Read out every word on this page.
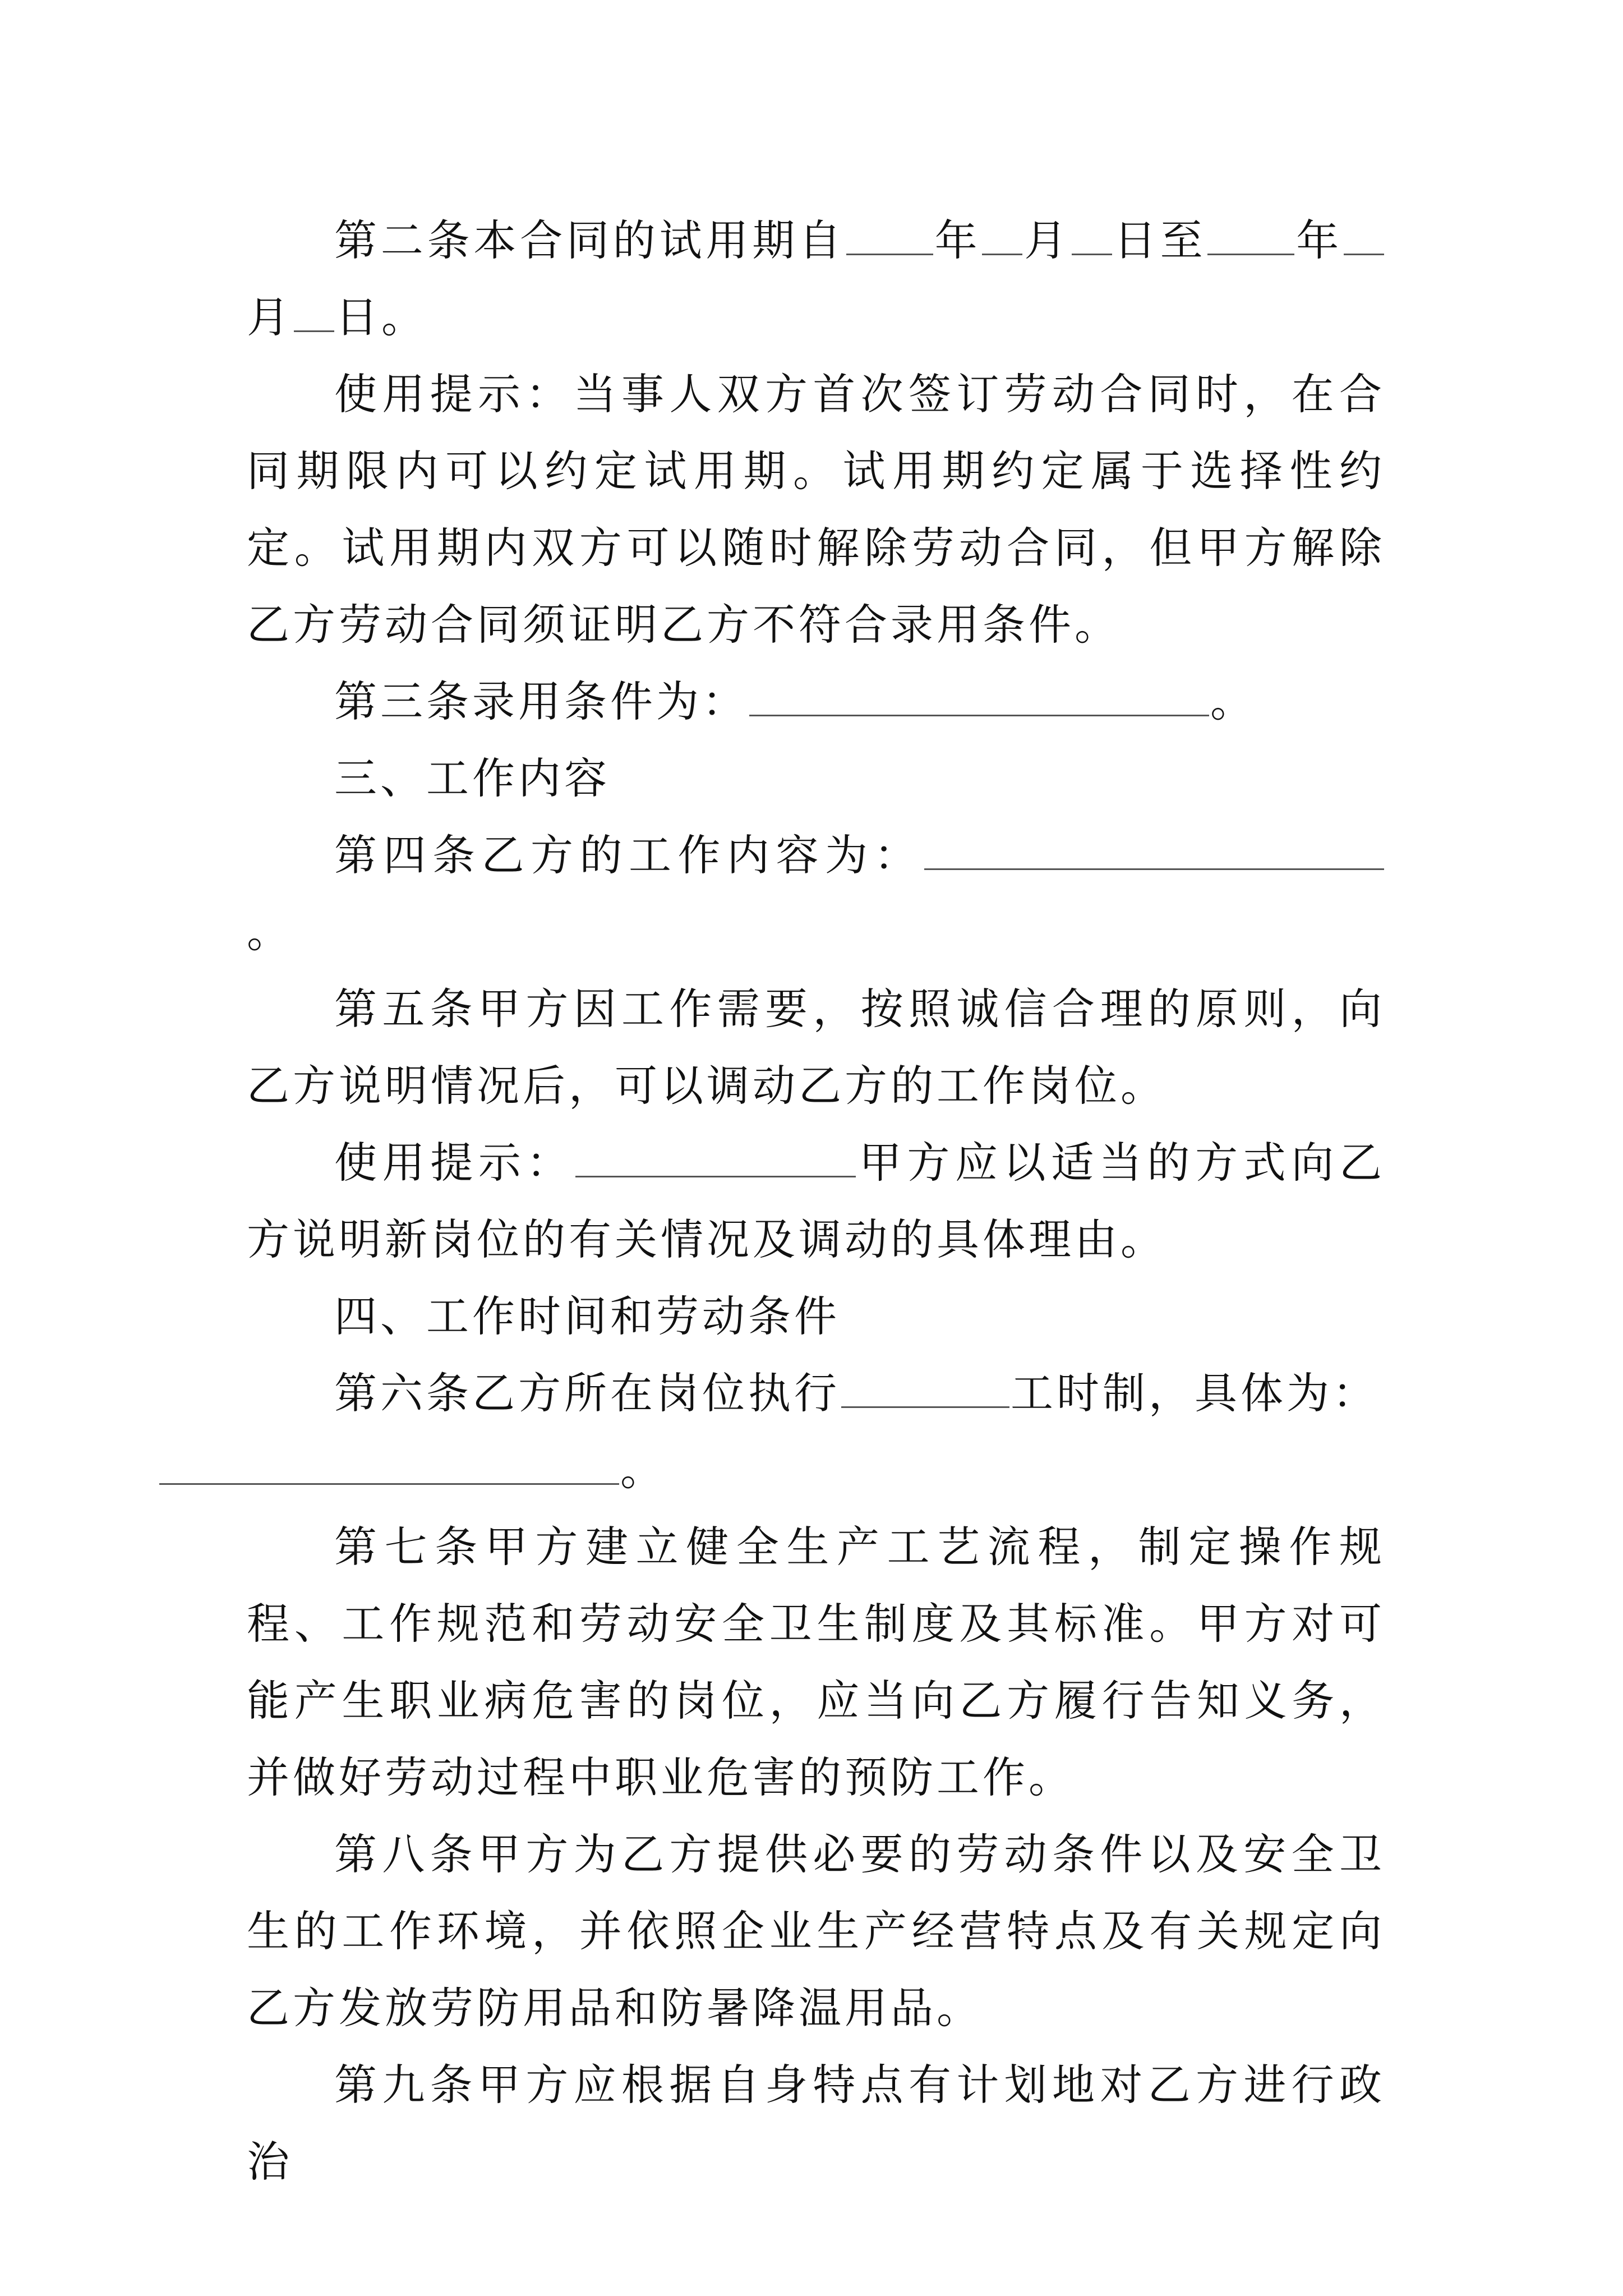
第二条本合同的试用期自 年 月 日至 年月 日。

使用提示：当事人双方首次签订劳动合同时，在合同期限内可以约定试用期。试用期约定属于选择性约定。试用期内双方可以随时解除劳动合同，但甲方解除乙方劳动合同须证明乙方不符合录用条件。

第三条录用条件为：	。

三、工作内容

第四条乙方的工作内容为：。

第五条甲方因工作需要，按照诚信合理的原则，向乙方说明情况后，可以调动乙方的工作岗位。

使用提示：	甲方应以适当的方式向乙方说明新岗位的有关情况及调动的具体理由。

四、工作时间和劳动条件

第六条乙方所在岗位执行	工时制，具体为：
。

第七条甲方建立健全生产工艺流程，制定操作规程、工作规范和劳动安全卫生制度及其标准。甲方对可能产生职业病危害的岗位，应当向乙方履行告知义务，并做好劳动过程中职业危害的预防工作。

第八条甲方为乙方提供必要的劳动条件以及安全卫生的工作环境，并依照企业生产经营特点及有关规定向乙方发放劳防用品和防暑降温用品。

第九条甲方应根据自身特点有计划地对乙方进行政治
